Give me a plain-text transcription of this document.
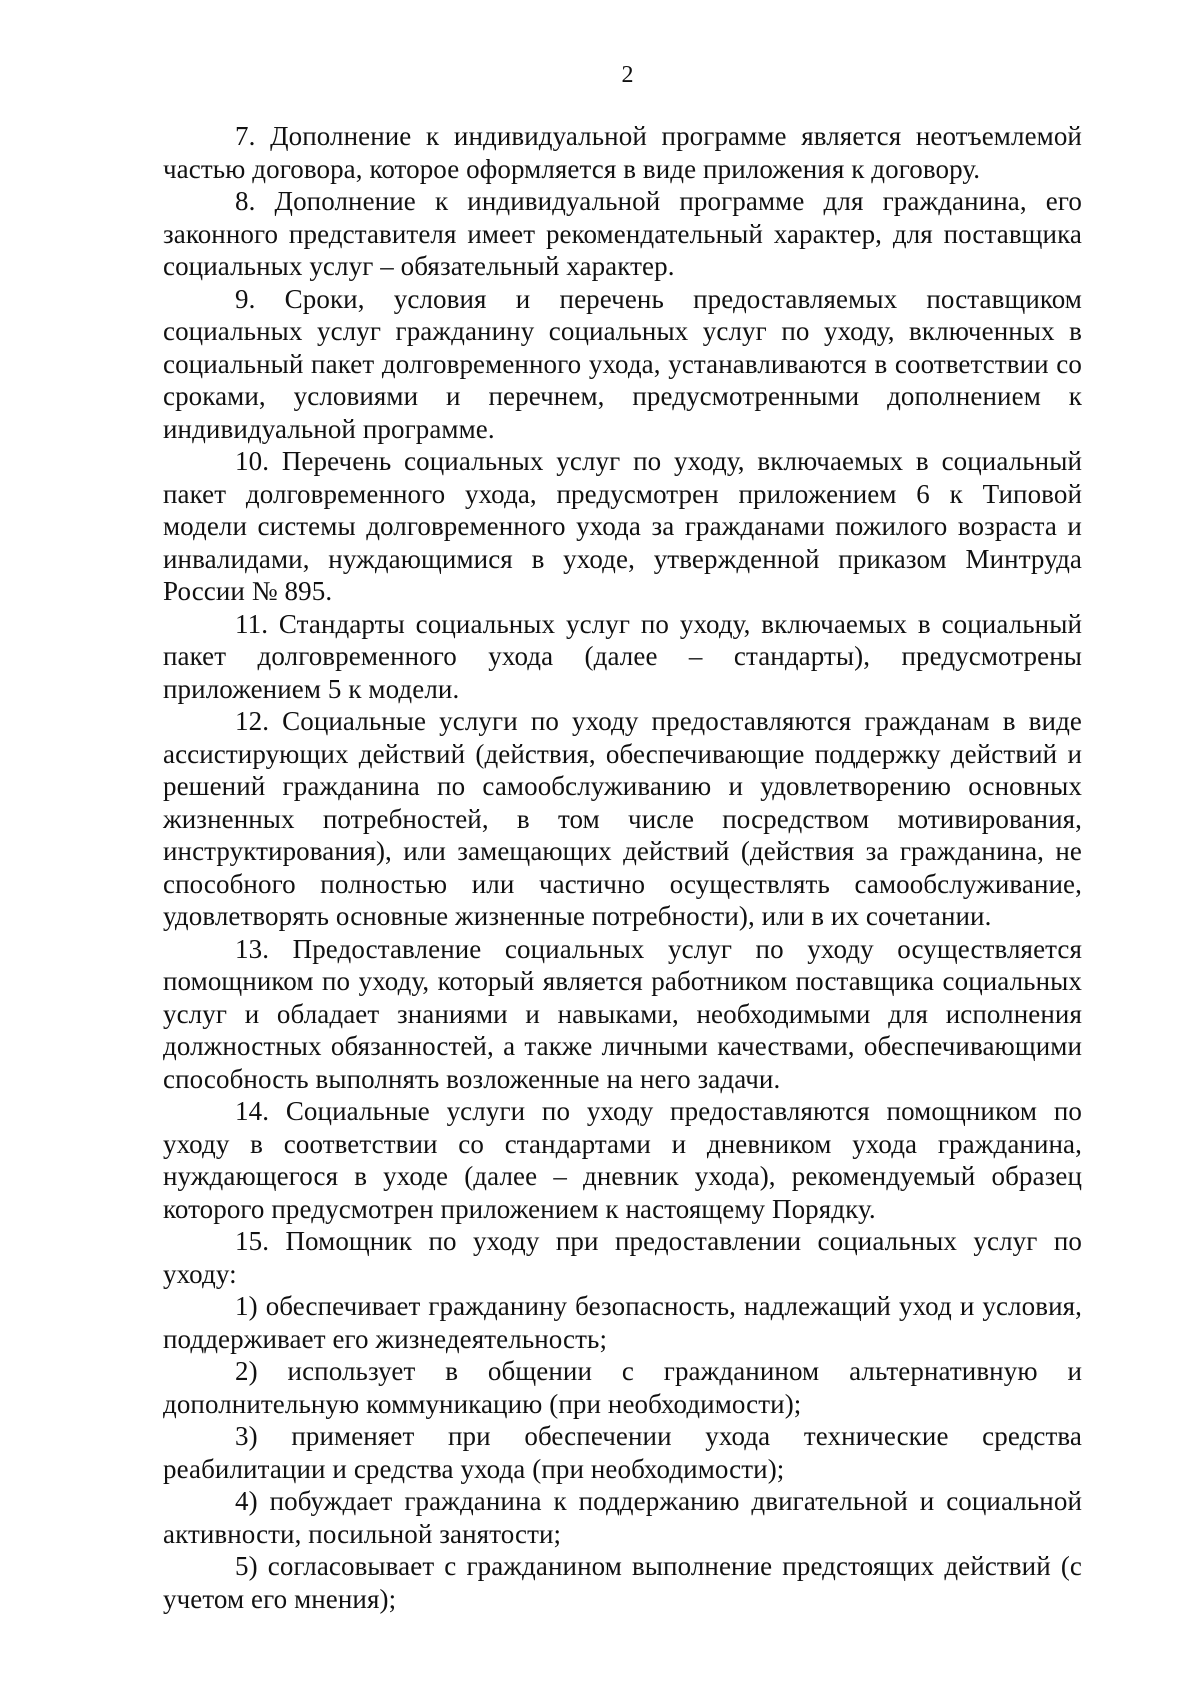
2

7. Дополнение к индивидуальной программе является неотъемлемой частью договора, которое оформляется в виде приложения к договору.

8. Дополнение к индивидуальной программе для гражданина, его законного представителя имеет рекомендательный характер, для поставщика социальных услуг – обязательный характер.

9. Сроки, условия и перечень предоставляемых поставщиком социальных услуг гражданину социальных услуг по уходу, включенных в социальный пакет долговременного ухода, устанавливаются в соответствии со сроками, условиями и перечнем, предусмотренными дополнением к индивидуальной программе.

10. Перечень социальных услуг по уходу, включаемых в социальный пакет долговременного ухода, предусмотрен приложением 6 к Типовой модели системы долговременного ухода за гражданами пожилого возраста и инвалидами, нуждающимися в уходе, утвержденной приказом Минтруда России № 895.

11. Стандарты социальных услуг по уходу, включаемых в социальный пакет долговременного ухода (далее – стандарты), предусмотрены приложением 5 к модели.

12. Социальные услуги по уходу предоставляются гражданам в виде ассистирующих действий (действия, обеспечивающие поддержку действий и решений гражданина по самообслуживанию и удовлетворению основных жизненных потребностей, в том числе посредством мотивирования, инструктирования), или замещающих действий (действия за гражданина, не способного полностью или частично осуществлять самообслуживание, удовлетворять основные жизненные потребности), или в их сочетании.

13. Предоставление социальных услуг по уходу осуществляется помощником по уходу, который является работником поставщика социальных услуг и обладает знаниями и навыками, необходимыми для исполнения должностных обязанностей, а также личными качествами, обеспечивающими способность выполнять возложенные на него задачи.

14. Социальные услуги по уходу предоставляются помощником по уходу в соответствии со стандартами и дневником ухода гражданина, нуждающегося в уходе (далее – дневник ухода), рекомендуемый образец которого предусмотрен приложением к настоящему Порядку.

15. Помощник по уходу при предоставлении социальных услуг по уходу:

1) обеспечивает гражданину безопасность, надлежащий уход и условия, поддерживает его жизнедеятельность;

2) использует в общении с гражданином альтернативную и дополнительную коммуникацию (при необходимости);

3) применяет при обеспечении ухода технические средства реабилитации и средства ухода (при необходимости);

4) побуждает гражданина к поддержанию двигательной и социальной активности, посильной занятости;

5) согласовывает с гражданином выполнение предстоящих действий (с учетом его мнения);
